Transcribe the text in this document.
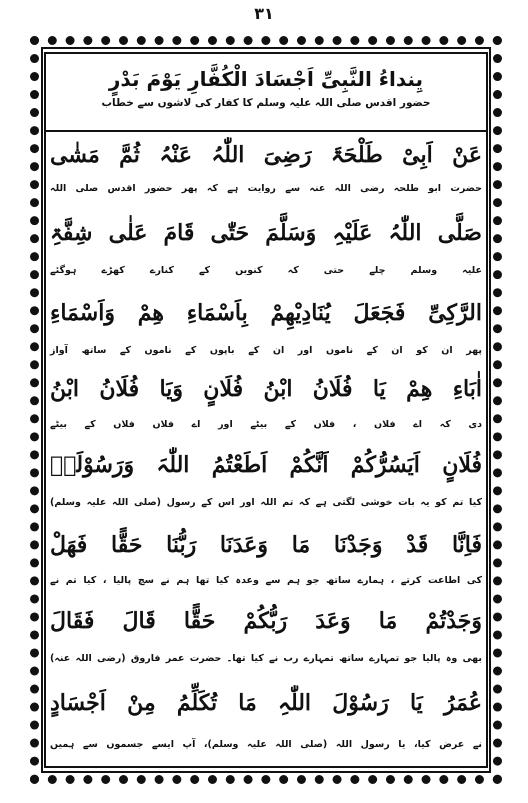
۳۱
یِنداءُ النَّبِیِّ اَجْسَادَ الْکُفَّارِ یَوْمَ بَدْرٍ
حضور اقدس صلی اللہ علیہ وسلم کا کفار کی لاشوں سے خطاب
عَنْ اَبِیْ طَلْحَۃَ رَضِیَ اللّٰہُ عَنْہُ ثُمَّ مَشٰی
حضرت ابو طلحہ رضی اللہ عنہ سے روایت ہے کہ پھر حضور اقدس صلی اللہ
صَلَّی اللّٰہُ عَلَیْہِ وَسَلَّمَ حَتّٰی قَامَ عَلٰی شِفَّۃِ
علیہ وسلم چلے حتی کہ کنویں کے کنارے کھڑے ہوگئے
الرَّکِیِّ فَجَعَلَ یُنَادِیْھِمْ بِاَسْمَاءِ ھِمْ وَاَسْمَاءِ
پھر ان کو ان کے ناموں اور ان کے باپوں کے ناموں کے ساتھ آواز
اٰبَاءِ ھِمْ یَا فُلَانُ ابْنُ فُلَانٍ وَیَا فُلَانُ ابْنُ
دی کہ اے فلاں ، فلاں کے بیٹے اور اے فلاں فلاں کے بیٹے
فُلَانٍ اَیَسُرُّکُمْ اَنَّکُمْ اَطَعْتُمُ اللّٰہَ وَرَسُوْلَہٗ
کیا تم کو یہ بات خوشی لگتی ہے کہ تم اللہ اور اس کے رسول (صلی اللہ علیہ وسلم)
فَاِنَّا قَدْ وَجَدْنَا مَا وَعَدَنَا رَبُّنَا حَقًّا فَھَلْ
کی اطاعت کرتے ، ہمارے ساتھ جو ہم سے وعدہ کیا تھا ہم نے سچ پالیا ، کیا تم نے
وَجَدْتُمْ مَا وَعَدَ رَبُّکُمْ حَقًّا قَالَ فَقَالَ
بھی وہ پالیا جو تمہارے ساتھ تمہارے رب نے کیا تھا۔ حضرت عمر فاروق (رضی اللہ عنہ)
عُمَرُ یَا رَسُوْلَ اللّٰہِ مَا تُکَلِّمُ مِنْ اَجْسَادٍ
نے عرض کیا، یا رسول اللہ (صلی اللہ علیہ وسلم)، آپ ایسے جسموں سے ہمیں
